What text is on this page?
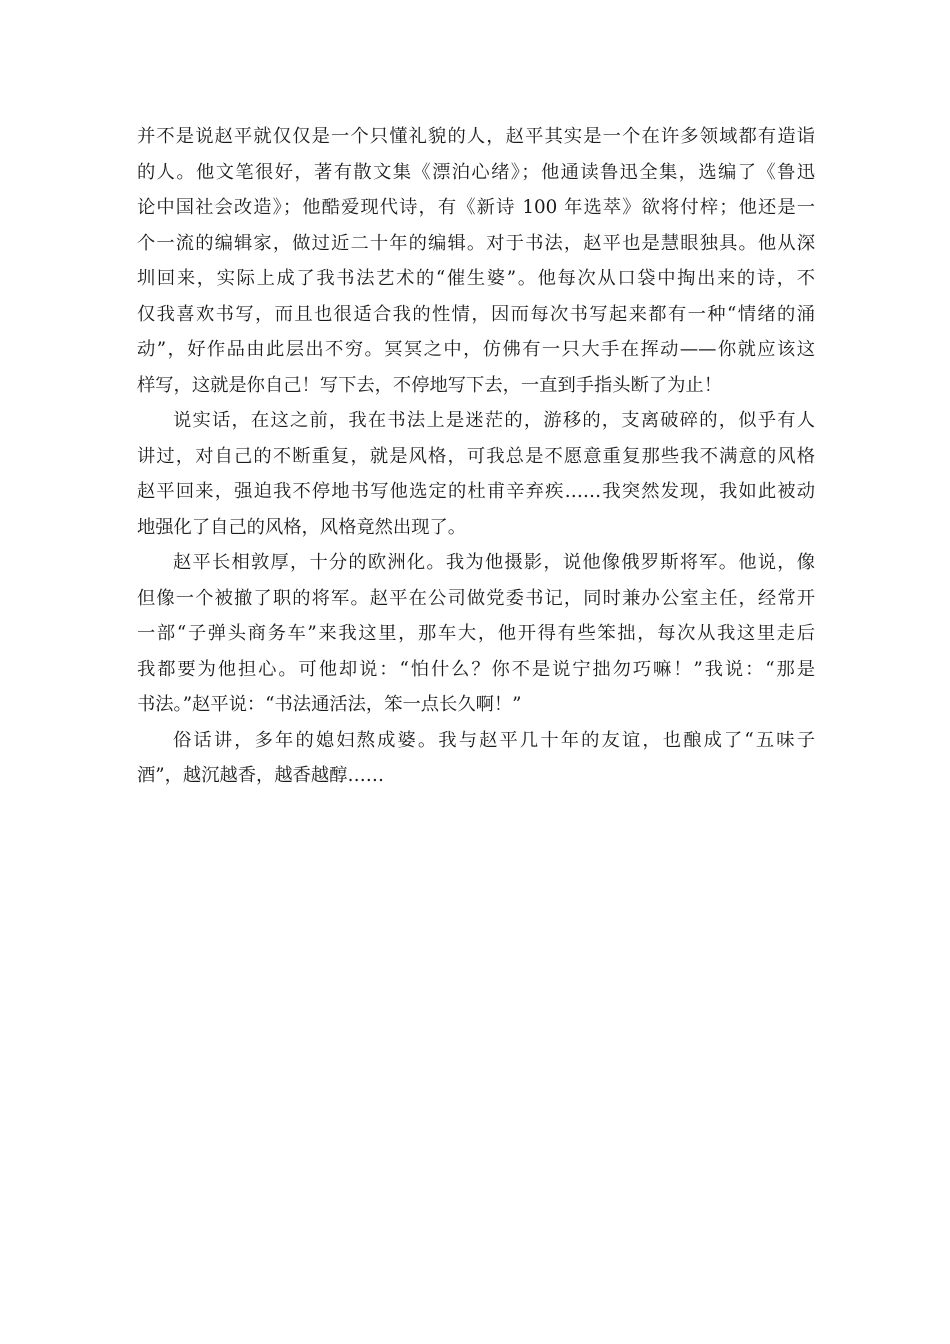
并不是说赵平就仅仅是一个只懂礼貌的人，赵平其实是一个在许多领域都有造诣
的人。他文笔很好，著有散文集《漂泊心绪》；他通读鲁迅全集，选编了《鲁迅
论中国社会改造》；他酷爱现代诗，有《新诗 100 年选萃》欲将付梓；他还是一
个一流的编辑家，做过近二十年的编辑。对于书法，赵平也是慧眼独具。他从深
圳回来，实际上成了我书法艺术的“催生婆”。他每次从口袋中掏出来的诗，不
仅我喜欢书写，而且也很适合我的性情，因而每次书写起来都有一种“情绪的涌
动”，好作品由此层出不穷。冥冥之中，仿佛有一只大手在挥动——你就应该这
样写，这就是你自己！写下去，不停地写下去，一直到手指头断了为止！
说实话，在这之前，我在书法上是迷茫的，游移的，支离破碎的，似乎有人
讲过，对自己的不断重复，就是风格，可我总是不愿意重复那些我不满意的风格
赵平回来，强迫我不停地书写他选定的杜甫辛弃疾……我突然发现，我如此被动
地强化了自己的风格，风格竟然出现了。
赵平长相敦厚，十分的欧洲化。我为他摄影，说他像俄罗斯将军。他说，像
但像一个被撤了职的将军。赵平在公司做党委书记，同时兼办公室主任，经常开
一部“子弹头商务车”来我这里，那车大，他开得有些笨拙，每次从我这里走后
我都要为他担心。可他却说：“怕什么？你不是说宁拙勿巧嘛！”我说：“那是
书法。”赵平说：“书法通活法，笨一点长久啊！”
俗话讲，多年的媳妇熬成婆。我与赵平几十年的友谊，也酿成了“五味子
酒”，越沉越香，越香越醇……
